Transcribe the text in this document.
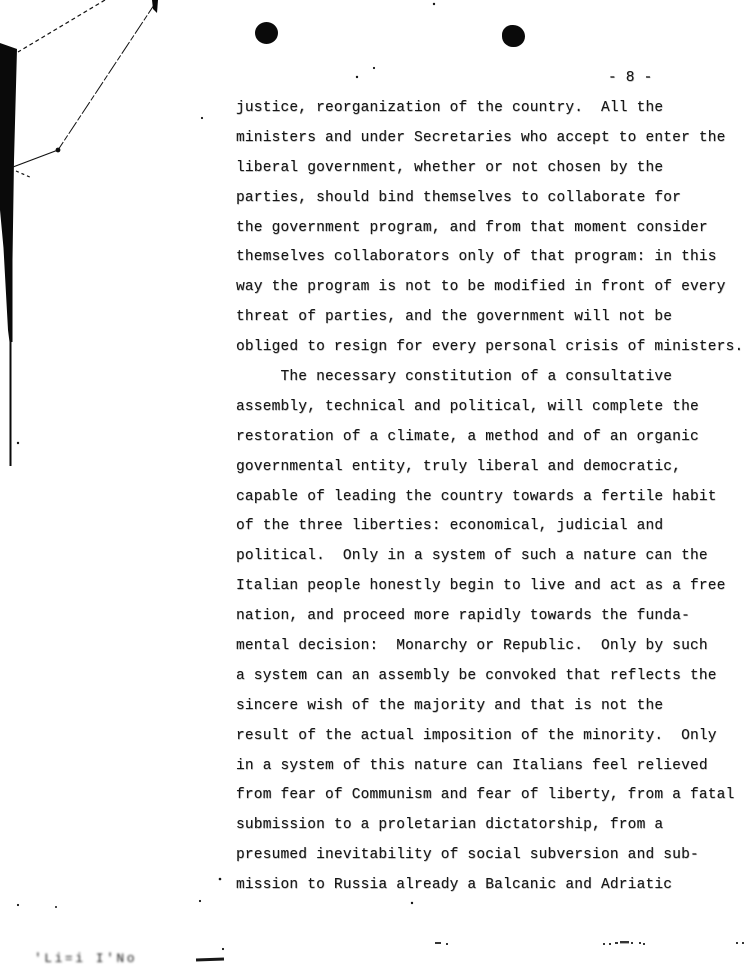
- 8 -
justice, reorganization of the country.  All the
ministers and under Secretaries who accept to enter the
liberal government, whether or not chosen by the
parties, should bind themselves to collaborate for
the government program, and from that moment consider
themselves collaborators only of that program: in this
way the program is not to be modified in front of every
threat of parties, and the government will not be
obliged to resign for every personal crisis of ministers.
The necessary constitution of a consultative
assembly, technical and political, will complete the
restoration of a climate, a method and of an organic
governmental entity, truly liberal and democratic,
capable of leading the country towards a fertile habit
of the three liberties: economical, judicial and
political.  Only in a system of such a nature can the
Italian people honestly begin to live and act as a free
nation, and proceed more rapidly towards the funda-
mental decision:  Monarchy or Republic.  Only by such
a system can an assembly be convoked that reflects the
sincere wish of the majority and that is not the
result of the actual imposition of the minority.  Only
in a system of this nature can Italians feel relieved
from fear of Communism and fear of liberty, from a fatal
submission to a proletarian dictatorship, from a
presumed inevitability of social subversion and sub-
mission to Russia already a Balcanic and Adriatic
'Li=i I'No
